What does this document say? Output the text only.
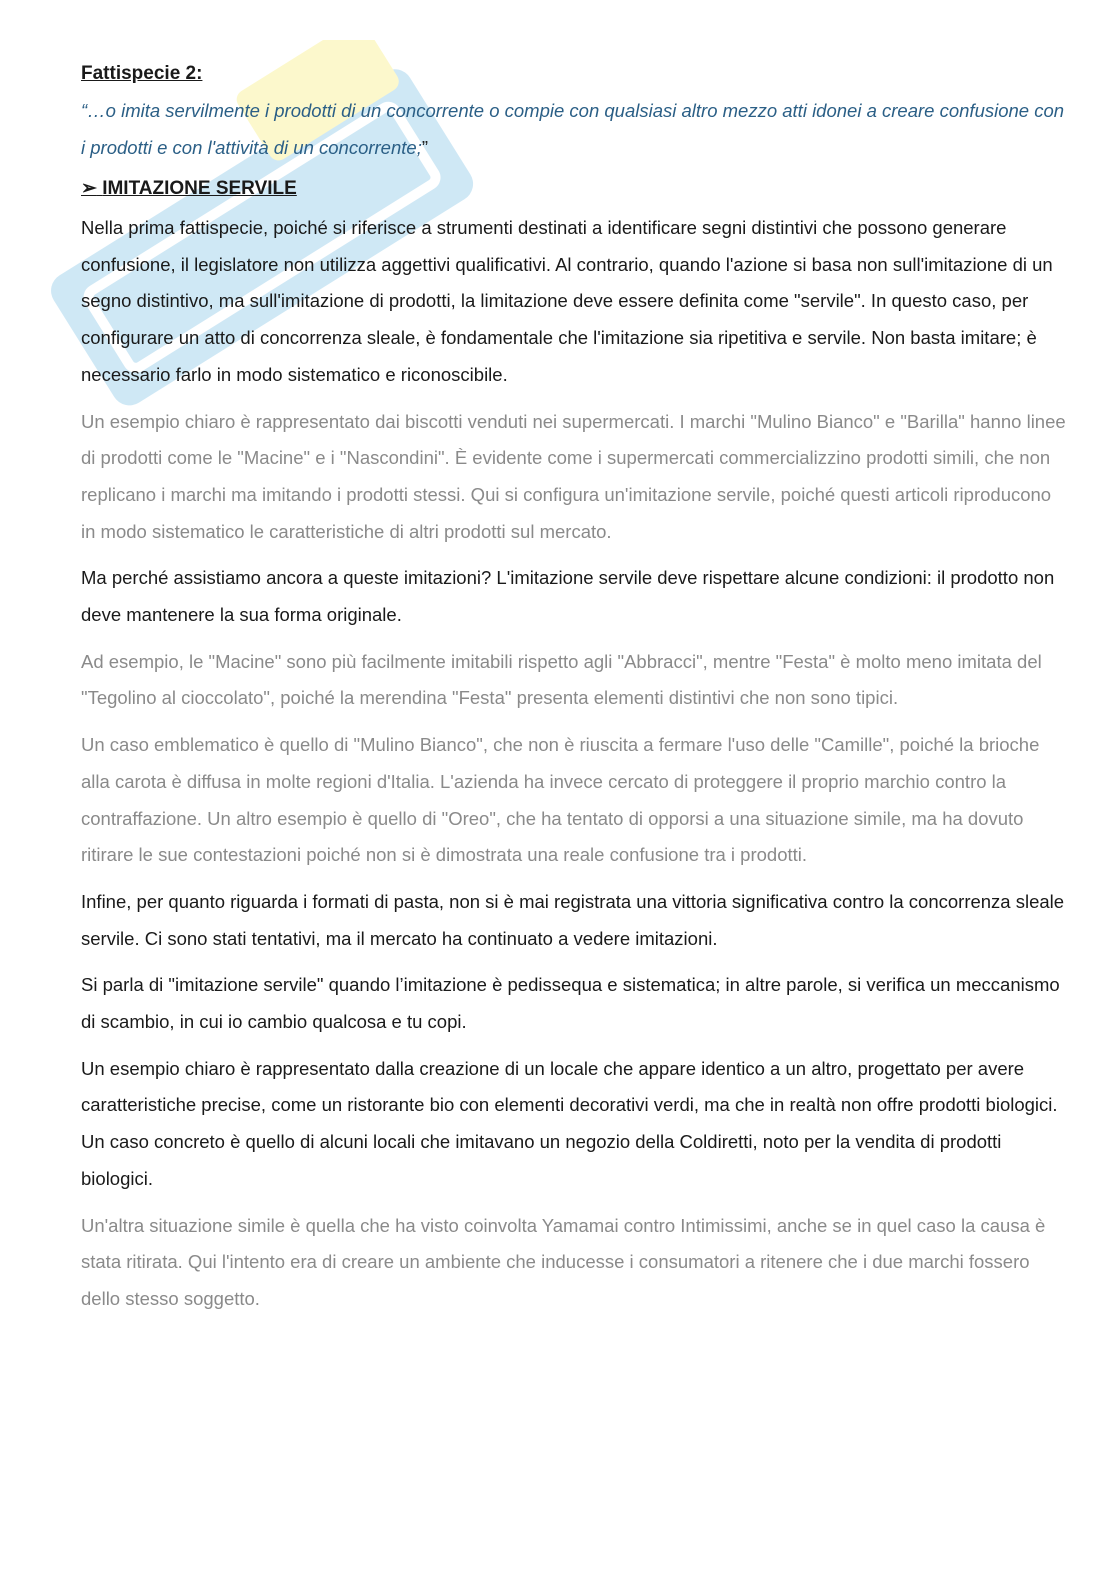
Fattispecie 2:
“…o imita servilmente i prodotti di un concorrente o compie con qualsiasi altro mezzo atti idonei a creare confusione con i prodotti e con l'attività di un concorrente;”
➢ IMITAZIONE SERVILE

Nella prima fattispecie, poiché si riferisce a strumenti destinati a identificare segni distintivi che possono generare confusione, il legislatore non utilizza aggettivi qualificativi. Al contrario, quando l'azione si basa non sull'imitazione di un segno distintivo, ma sull'imitazione di prodotti, la limitazione deve essere definita come "servile". In questo caso, per configurare un atto di concorrenza sleale, è fondamentale che l'imitazione sia ripetitiva e servile. Non basta imitare; è necessario farlo in modo sistematico e riconoscibile.

Un esempio chiaro è rappresentato dai biscotti venduti nei supermercati. I marchi "Mulino Bianco" e "Barilla" hanno linee di prodotti come le "Macine" e i "Nascondini". È evidente come i supermercati commercializzino prodotti simili, che non replicano i marchi ma imitando i prodotti stessi. Qui si configura un'imitazione servile, poiché questi articoli riproducono in modo sistematico le caratteristiche di altri prodotti sul mercato.

Ma perché assistiamo ancora a queste imitazioni? L'imitazione servile deve rispettare alcune condizioni: il prodotto non deve mantenere la sua forma originale.

Ad esempio, le "Macine" sono più facilmente imitabili rispetto agli "Abbracci", mentre "Festa" è molto meno imitata del "Tegolino al cioccolato", poiché la merendina "Festa" presenta elementi distintivi che non sono tipici.

Un caso emblematico è quello di "Mulino Bianco", che non è riuscita a fermare l'uso delle "Camille", poiché la brioche alla carota è diffusa in molte regioni d'Italia. L'azienda ha invece cercato di proteggere il proprio marchio contro la contraffazione. Un altro esempio è quello di "Oreo", che ha tentato di opporsi a una situazione simile, ma ha dovuto ritirare le sue contestazioni poiché non si è dimostrata una reale confusione tra i prodotti.

Infine, per quanto riguarda i formati di pasta, non si è mai registrata una vittoria significativa contro la concorrenza sleale servile. Ci sono stati tentativi, ma il mercato ha continuato a vedere imitazioni.

Si parla di "imitazione servile" quando l’imitazione è pedissequa e sistematica; in altre parole, si verifica un meccanismo di scambio, in cui io cambio qualcosa e tu copi.

Un esempio chiaro è rappresentato dalla creazione di un locale che appare identico a un altro, progettato per avere caratteristiche precise, come un ristorante bio con elementi decorativi verdi, ma che in realtà non offre prodotti biologici. Un caso concreto è quello di alcuni locali che imitavano un negozio della Coldiretti, noto per la vendita di prodotti biologici.

Un'altra situazione simile è quella che ha visto coinvolta Yamamai contro Intimissimi, anche se in quel caso la causa è stata ritirata. Qui l'intento era di creare un ambiente che inducesse i consumatori a ritenere che i due marchi fossero dello stesso soggetto.
